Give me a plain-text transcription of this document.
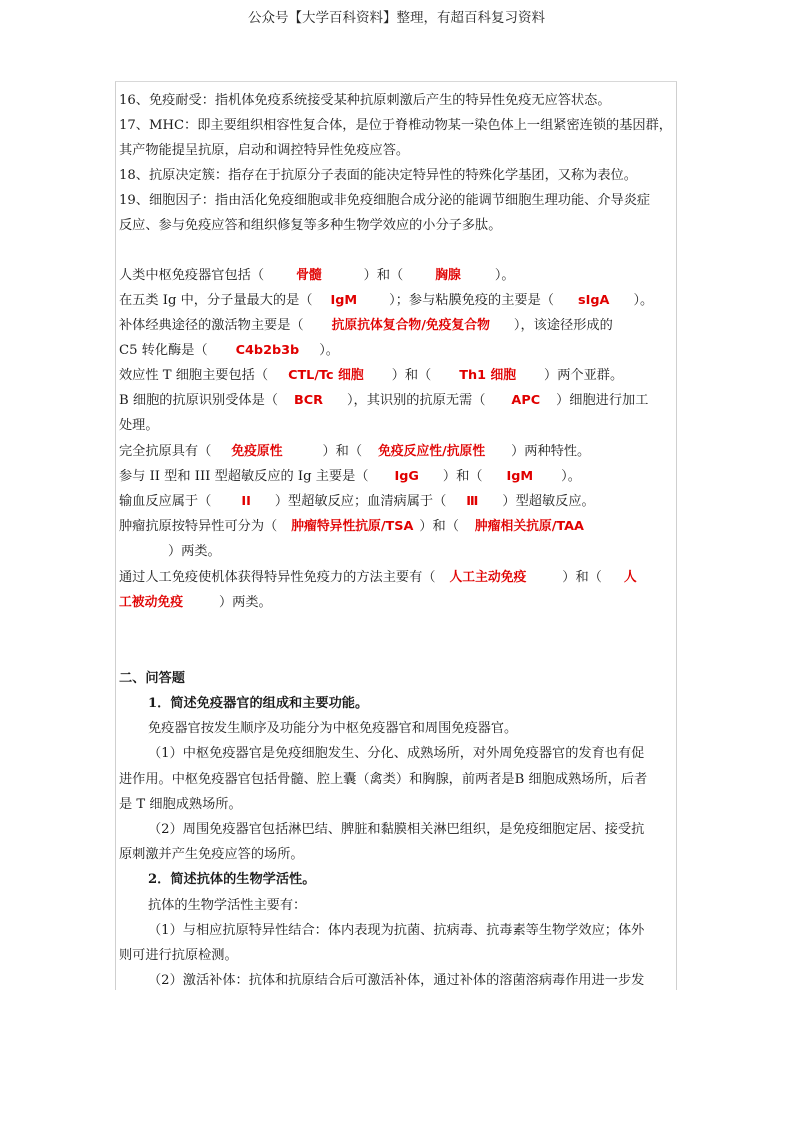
公众号【大学百科资料】整理，有超百科复习资料
16、免疫耐受：指机体免疫系统接受某种抗原刺激后产生的特异性免疫无应答状态。
17、MHC：即主要组织相容性复合体，是位于脊椎动物某一染色体上一组紧密连锁的基因群，
其产物能提呈抗原，启动和调控特异性免疫应答。
18、抗原决定簇：指存在于抗原分子表面的能决定特异性的特殊化学基团，又称为表位。
19、细胞因子：指由活化免疫细胞或非免疫细胞合成分泌的能调节细胞生理功能、介导炎症
反应、参与免疫应答和组织修复等多种生物学效应的小分子多肽。
人类中枢免疫器官包括（	骨髓	）和（	胸腺	）。
在五类 Ig 中，分子量最大的是（ IgM ）；参与粘膜免疫的主要是（ sIgA ）。
补体经典途径的激活物主要是（ 抗原抗体复合物/免疫复合物 ），该途径形成的
C5 转化酶是（ C4b2b3b ）。
效应性 T 细胞主要包括（ CTL/Tc 细胞 ）和（ Th1 细胞 ）两个亚群。
B 细胞的抗原识别受体是（ BCR ），其识别的抗原无需（ APC ）细胞进行加工
处理。
完全抗原具有（ 免疫原性	）和（ 免疫反应性/抗原性 ）两种特性。
参与 II 型和 III 型超敏反应的 Ig 主要是（ IgG ）和（ IgM ）。
输血反应属于（ II ）型超敏反应；血清病属于（ Ⅲ ）型超敏反应。
肿瘤抗原按特异性可分为（ 肿瘤特异性抗原/TSA ）和（ 肿瘤相关抗原/TAA
）两类。
通过人工免疫使机体获得特异性免疫力的方法主要有（ 人工主动免疫	）和（ 人
工被动免疫	）两类。
二、问答题
1．简述免疫器官的组成和主要功能。
免疫器官按发生顺序及功能分为中枢免疫器官和周围免疫器官。
（1）中枢免疫器官是免疫细胞发生、分化、成熟场所，对外周免疫器官的发育也有促
进作用。中枢免疫器官包括骨髓、腔上囊（禽类）和胸腺，前两者是B 细胞成熟场所，后者
是 T 细胞成熟场所。
（2）周围免疫器官包括淋巴结、脾脏和黏膜相关淋巴组织，是免疫细胞定居、接受抗
原刺激并产生免疫应答的场所。
2．简述抗体的生物学活性。
抗体的生物学活性主要有：
（1）与相应抗原特异性结合：体内表现为抗菌、抗病毒、抗毒素等生物学效应；体外
则可进行抗原检测。
（2）激活补体：抗体和抗原结合后可激活补体，通过补体的溶菌溶病毒作用进一步发
